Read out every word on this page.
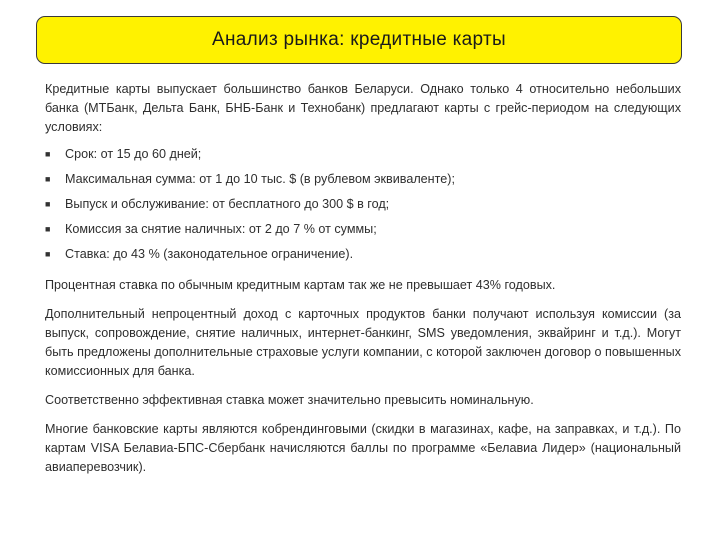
Анализ рынка: кредитные карты

Кредитные карты выпускает большинство банков Беларуси. Однако только 4 относительно небольших банка (МТБанк, Дельта Банк, БНБ-Банк и Технобанк) предлагают карты с грейс-периодом на следующих условиях:

■	Срок: от 15 до 60 дней;
■	Максимальная сумма: от 1 до 10 тыс. $ (в рублевом эквиваленте);
■	Выпуск и обслуживание: от бесплатного до 300 $ в год;
■	Комиссия за снятие наличных: от 2 до 7 % от суммы;
■	Ставка: до 43 % (законодательное ограничение).

Процентная ставка по обычным кредитным картам так же не превышает 43% годовых.

Дополнительный непроцентный доход с карточных продуктов банки получают используя комиссии (за выпуск, сопровождение, снятие наличных, интернет-банкинг, SMS уведомления, эквайринг и т.д.). Могут быть предложены дополнительные страховые услуги компании, с которой заключен договор о повышенных комиссионных для банка.

Соответственно эффективная ставка может значительно превысить номинальную.

Многие банковские карты являются кобрендинговыми (скидки в магазинах, кафе, на заправках, и т.д.). По картам VISA Белавиа-БПС-Сбербанк начисляются баллы по программе «Белавиа Лидер» (национальный авиаперевозчик).
